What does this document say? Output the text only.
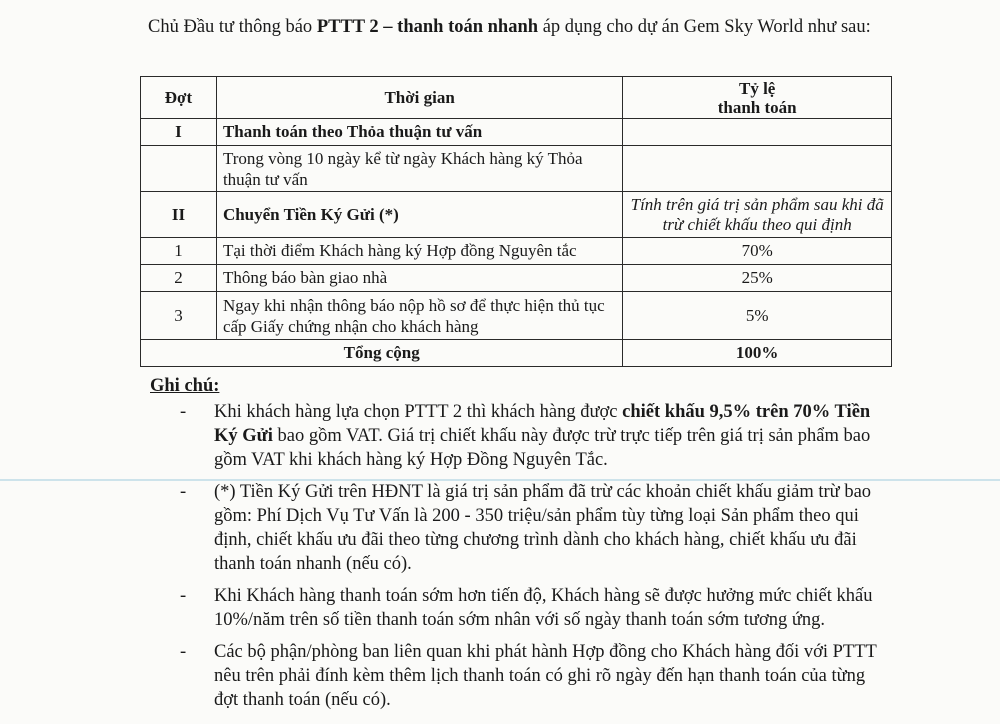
Chủ Đầu tư thông báo PTTT 2 – thanh toán nhanh áp dụng cho dự án Gem Sky World như sau:

Đợt	Thời gian	Tỷ lệ
thanh toán
I	Thanh toán theo Thỏa thuận tư vấn	
	Trong vòng 10 ngày kể từ ngày Khách hàng ký Thỏa thuận tư vấn	
II	Chuyển Tiền Ký Gửi (*)	Tính trên giá trị sản phẩm sau khi đã trừ chiết khấu theo qui định
1	Tại thời điểm Khách hàng ký Hợp đồng Nguyên tắc	70%
2	Thông báo bàn giao nhà	25%
3	Ngay khi nhận thông báo nộp hồ sơ để thực hiện thủ tục cấp Giấy chứng nhận cho khách hàng	5%
Tổng cộng		100%
Ghi chú:
- Khi khách hàng lựa chọn PTTT 2 thì khách hàng được chiết khấu 9,5% trên 70% Tiền Ký Gửi bao gồm VAT. Giá trị chiết khấu này được trừ trực tiếp trên giá trị sản phẩm bao gồm VAT khi khách hàng ký Hợp Đồng Nguyên Tắc.
- (*) Tiền Ký Gửi trên HĐNT là giá trị sản phẩm đã trừ các khoản chiết khấu giảm trừ bao gồm: Phí Dịch Vụ Tư Vấn là 200 - 350 triệu/sản phẩm tùy từng loại Sản phẩm theo qui định, chiết khấu ưu đãi theo từng chương trình dành cho khách hàng, chiết khấu ưu đãi thanh toán nhanh (nếu có).
- Khi Khách hàng thanh toán sớm hơn tiến độ, Khách hàng sẽ được hưởng mức chiết khấu 10%/năm trên số tiền thanh toán sớm nhân với số ngày thanh toán sớm tương ứng.
- Các bộ phận/phòng ban liên quan khi phát hành Hợp đồng cho Khách hàng đối với PTTT nêu trên phải đính kèm thêm lịch thanh toán có ghi rõ ngày đến hạn thanh toán của từng đợt thanh toán (nếu có).
